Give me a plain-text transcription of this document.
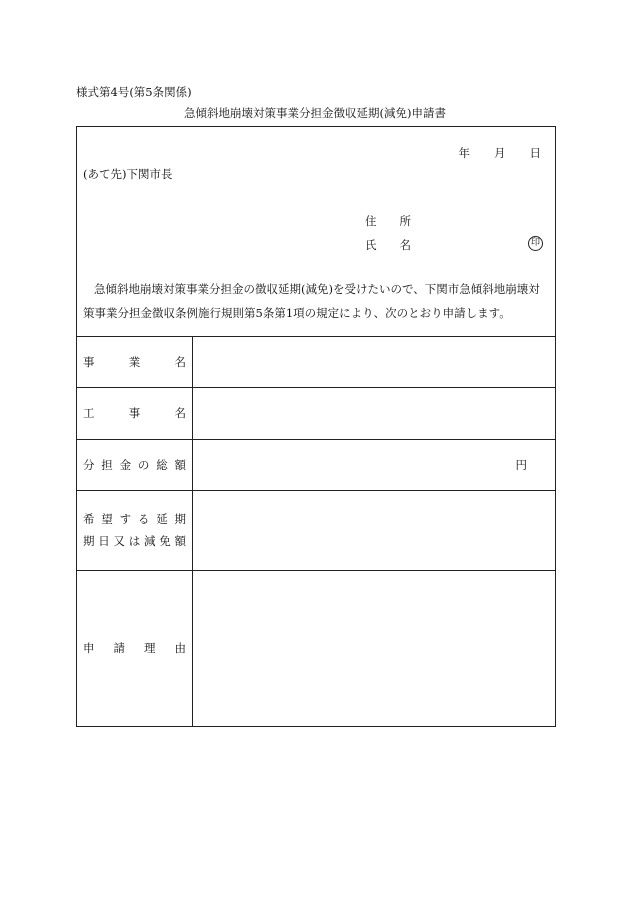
様式第4号(第5条関係)
急傾斜地崩壊対策事業分担金徴収延期(減免)申請書
年 月 日
(あて先)下関市長
住　　所
氏　　名	印
急傾斜地崩壊対策事業分担金の徴収延期(減免)を受けたいので、下関市急傾斜地崩壊対
策事業分担金徴収条例施行規則第5条第1項の規定により、次のとおり申請します。
事	業	名
工	事	名
分 担 金 の 総 額	円
希 望 す る 延 期
期 日 又 は 減 免 額
申 請 理 由
